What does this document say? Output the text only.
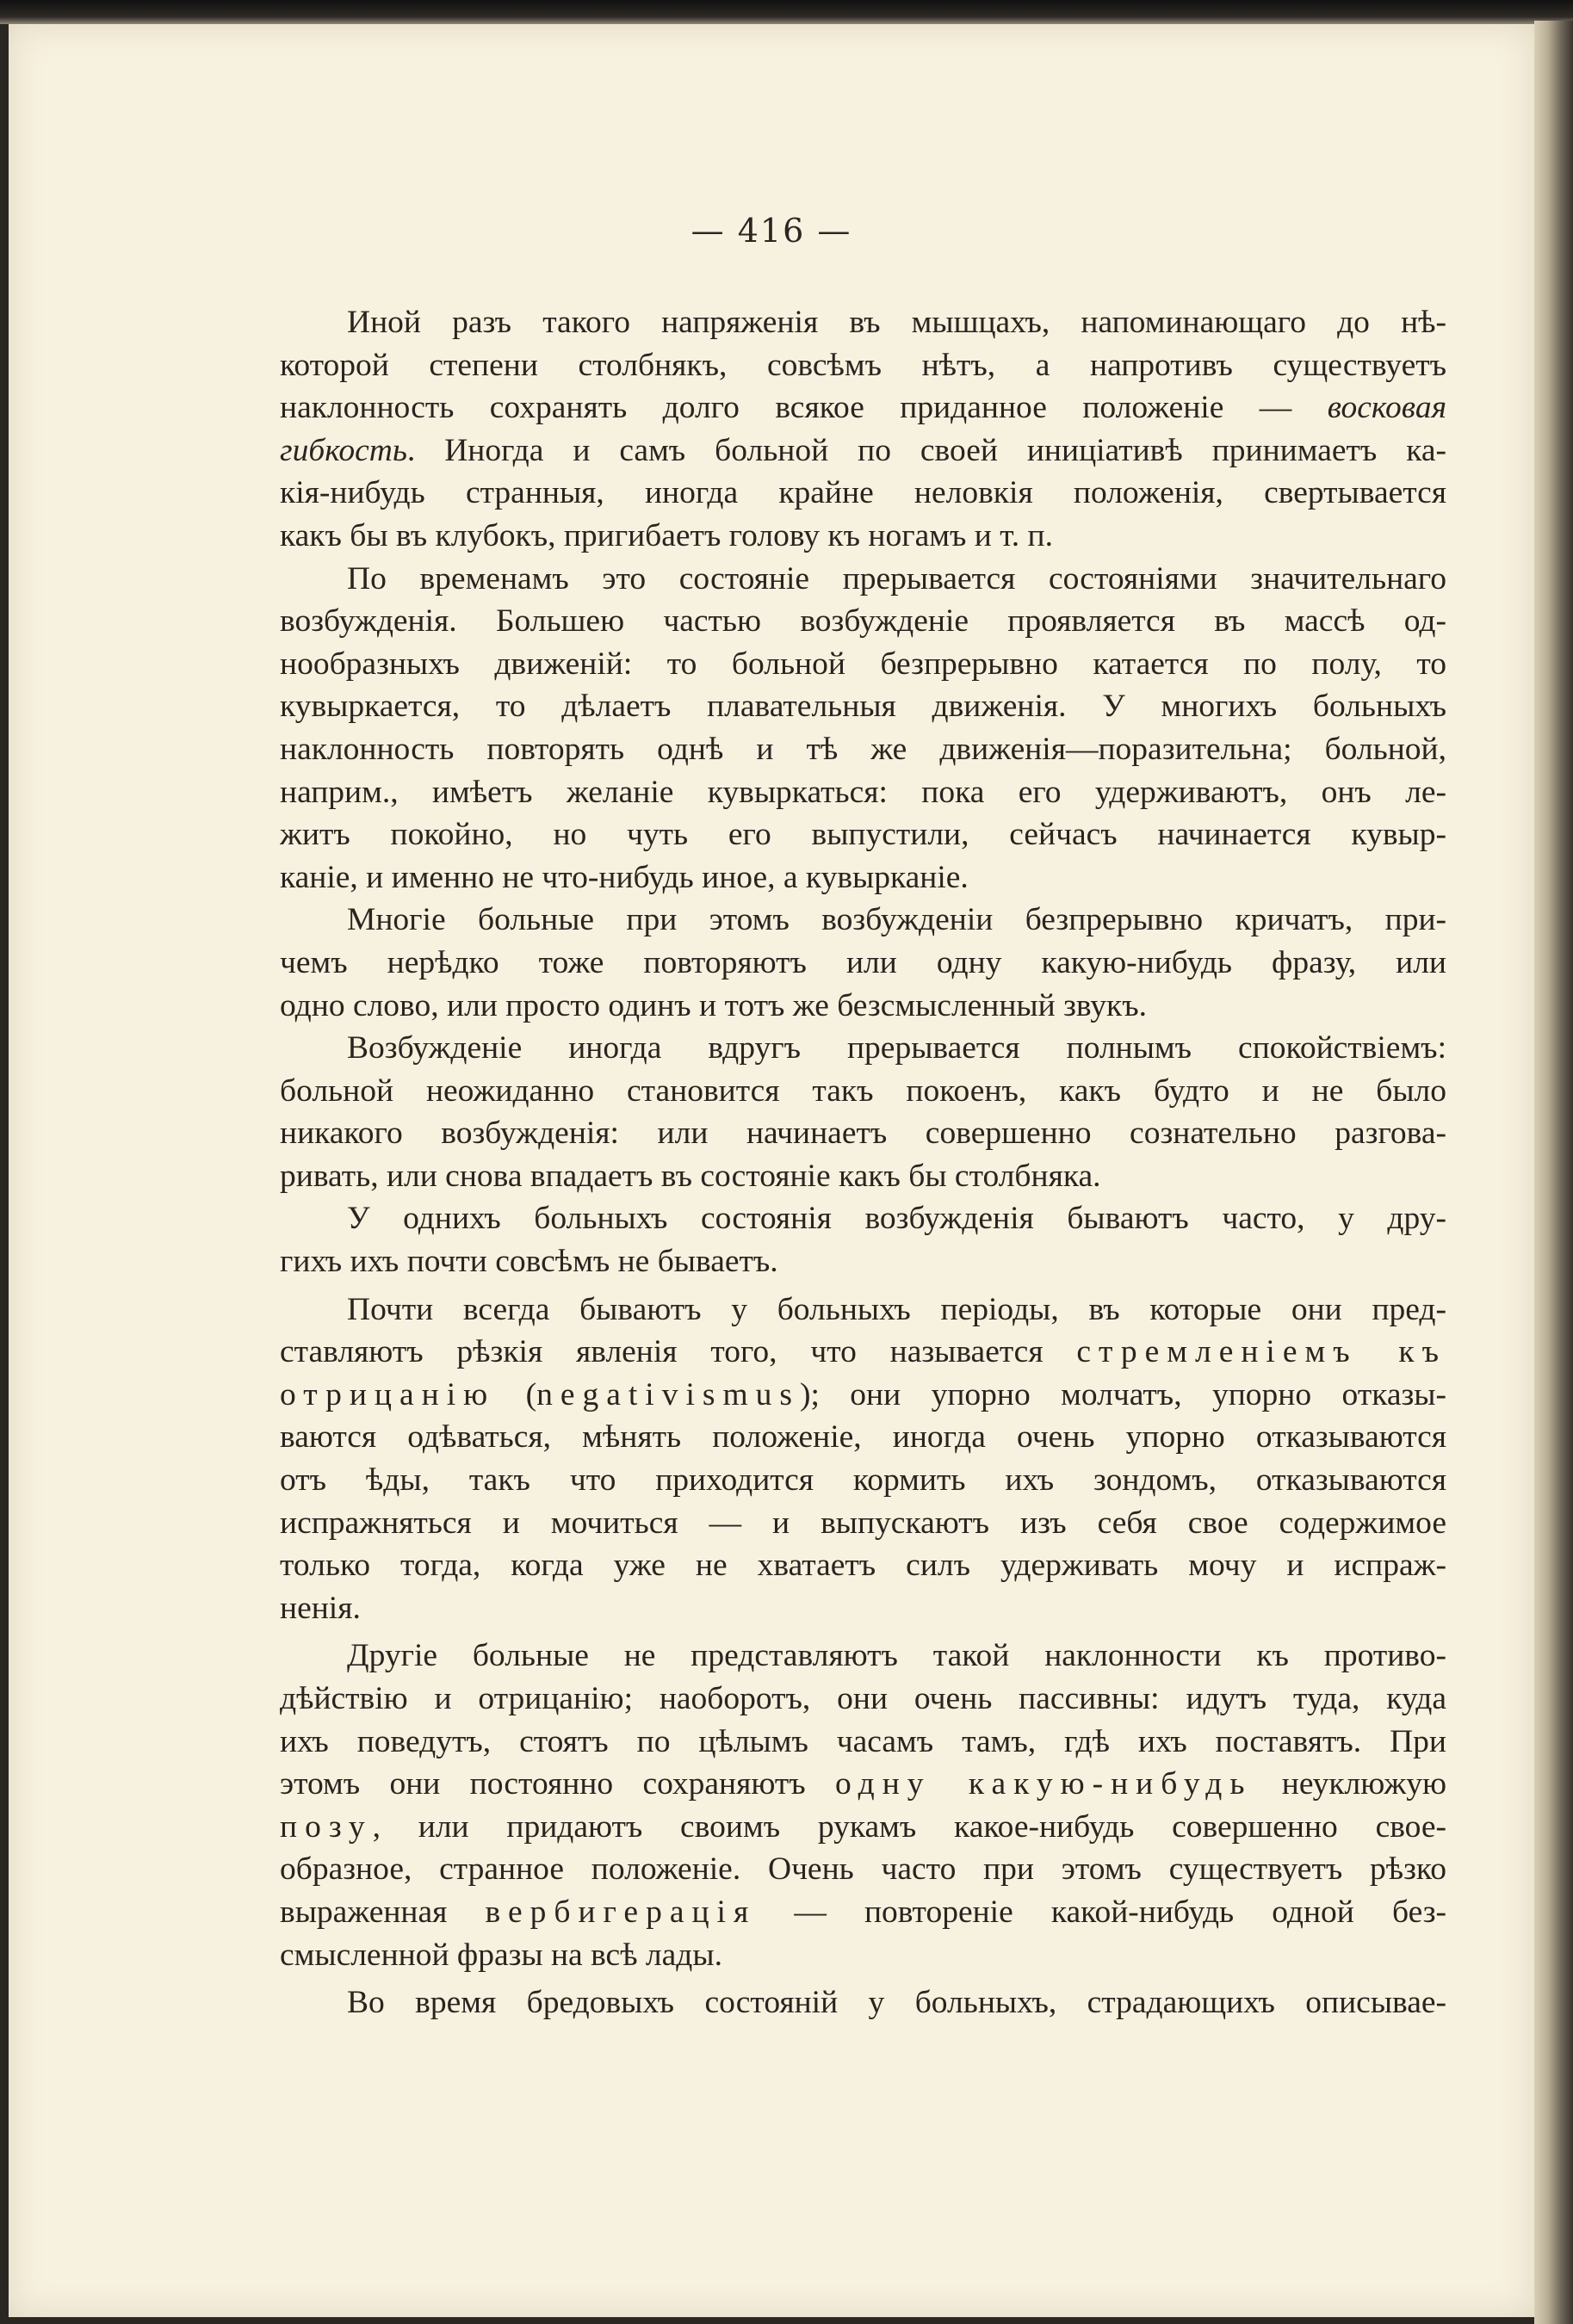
— 416 —
Иной разъ такого напряженія въ мышцахъ, напоминающаго до нѣ-
которой степени столбнякъ, совсѣмъ нѣтъ, а напротивъ существуетъ
наклонность сохранять долго всякое приданное положеніе — восковая
гибкость. Иногда и самъ больной по своей иниціативѣ принимаетъ ка-
кія-нибудь странныя, иногда крайне неловкія положенія, свертывается
какъ бы въ клубокъ, пригибаетъ голову къ ногамъ и т. п.
По временамъ это состояніе прерывается состояніями значительнаго
возбужденія. Большею частью возбужденіе проявляется въ массѣ од-
нообразныхъ движеній: то больной безпрерывно катается по полу, то
кувыркается, то дѣлаетъ плавательныя движенія. У многихъ больныхъ
наклонность повторять однѣ и тѣ же движенія—поразительна; больной,
наприм., имѣетъ желаніе кувыркаться: пока его удерживаютъ, онъ ле-
житъ покойно, но чуть его выпустили, сейчасъ начинается кувыр-
каніе, и именно не что-нибудь иное, а кувырканіе.
Многіе больные при этомъ возбужденіи безпрерывно кричатъ, при-
чемъ нерѣдко тоже повторяютъ или одну какую-нибудь фразу, или
одно слово, или просто одинъ и тотъ же безсмысленный звукъ.
Возбужденіе иногда вдругъ прерывается полнымъ спокойствіемъ:
больной неожиданно становится такъ покоенъ, какъ будто и не было
никакого возбужденія: или начинаетъ совершенно сознательно разгова-
ривать, или снова впадаетъ въ состояніе какъ бы столбняка.
У однихъ больныхъ состоянія возбужденія бываютъ часто, у дру-
гихъ ихъ почти совсѣмъ не бываетъ.
Почти всегда бываютъ у больныхъ періоды, въ которые они пред-
ставляютъ рѣзкія явленія того, что называется стремленіемъ къ
отрицанію (negativismus); они упорно молчатъ, упорно отказы-
ваются одѣваться, мѣнять положеніе, иногда очень упорно отказываются
отъ ѣды, такъ что приходится кормить ихъ зондомъ, отказываются
испражняться и мочиться — и выпускаютъ изъ себя свое содержимое
только тогда, когда уже не хватаетъ силъ удерживать мочу и испраж-
ненія.
Другіе больные не представляютъ такой наклонности къ противо-
дѣйствію и отрицанію; наоборотъ, они очень пассивны: идутъ туда, куда
ихъ поведутъ, стоятъ по цѣлымъ часамъ тамъ, гдѣ ихъ поставятъ. При
этомъ они постоянно сохраняютъ одну какую-нибудь неуклюжую
позу, или придаютъ своимъ рукамъ какое-нибудь совершенно свое-
образное, странное положеніе. Очень часто при этомъ существуетъ рѣзко
выраженная вербигерація — повтореніе какой-нибудь одной без-
смысленной фразы на всѣ лады.
Во время бредовыхъ состояній у больныхъ, страдающихъ описывае-
